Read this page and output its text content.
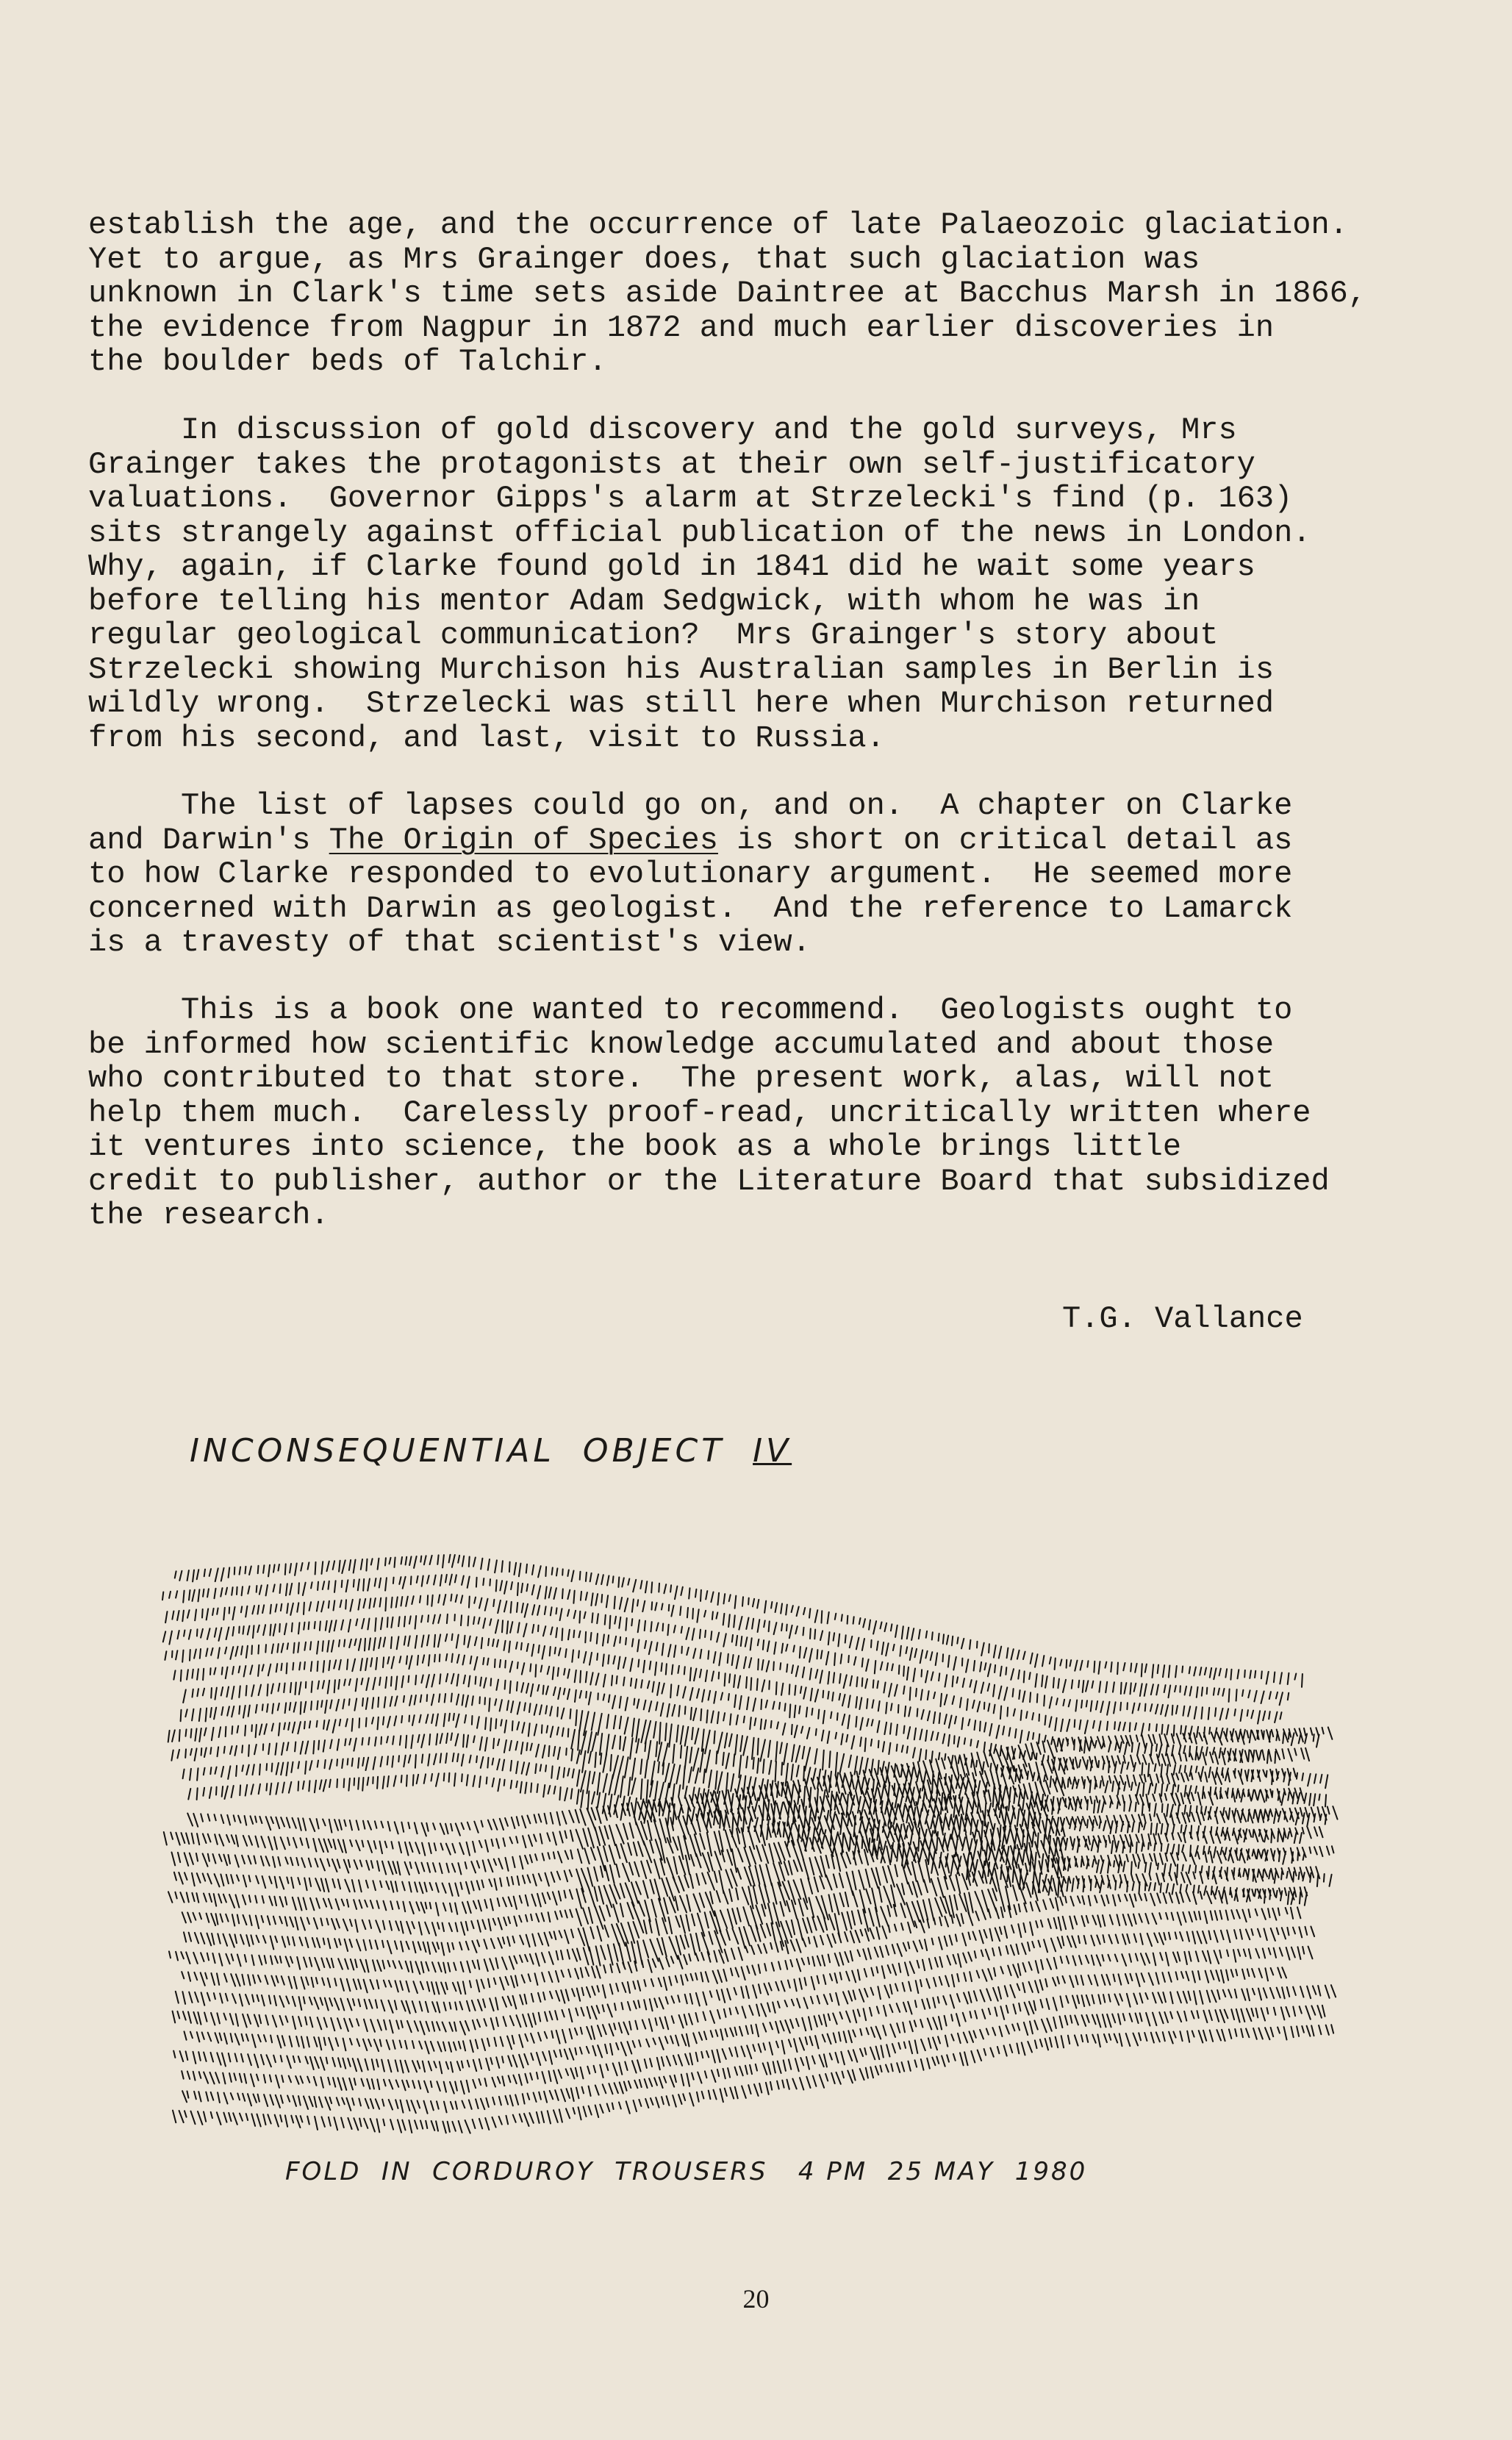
establish the age, and the occurrence of late Palaeozoic glaciation.
Yet to argue, as Mrs Grainger does, that such glaciation was
unknown in Clark's time sets aside Daintree at Bacchus Marsh in 1866,
the evidence from Nagpur in 1872 and much earlier discoveries in
the boulder beds of Talchir.
In discussion of gold discovery and the gold surveys, Mrs
Grainger takes the protagonists at their own self-justificatory
valuations.  Governor Gipps's alarm at Strzelecki's find (p. 163)
sits strangely against official publication of the news in London.
Why, again, if Clarke found gold in 1841 did he wait some years
before telling his mentor Adam Sedgwick, with whom he was in
regular geological communication?  Mrs Grainger's story about
Strzelecki showing Murchison his Australian samples in Berlin is
wildly wrong.  Strzelecki was still here when Murchison returned
from his second, and last, visit to Russia.
The list of lapses could go on, and on.  A chapter on Clarke
and Darwin's The Origin of Species is short on critical detail as
to how Clarke responded to evolutionary argument.  He seemed more
concerned with Darwin as geologist.  And the reference to Lamarck
is a travesty of that scientist's view.
This is a book one wanted to recommend.  Geologists ought to
be informed how scientific knowledge accumulated and about those
who contributed to that store.  The present work, alas, will not
help them much.  Carelessly proof-read, uncritically written where
it ventures into science, the book as a whole brings little
credit to publisher, author or the Literature Board that subsidized
the research.
T.G. Vallance
INCONSEQUENTIAL  OBJECT IV
FOLD  IN  CORDUROY  TROUSERS   4 PM  25 MAY  1980
20
